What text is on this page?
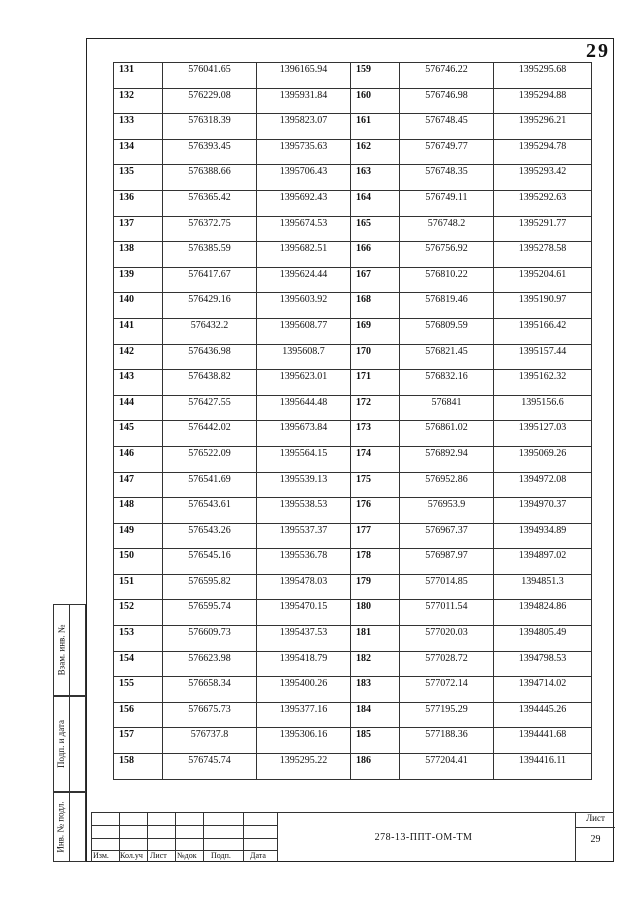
29
131	576041.65	1396165.94	159	576746.22	1395295.68
132	576229.08	1395931.84	160	576746.98	1395294.88
133	576318.39	1395823.07	161	576748.45	1395296.21
134	576393.45	1395735.63	162	576749.77	1395294.78
135	576388.66	1395706.43	163	576748.35	1395293.42
136	576365.42	1395692.43	164	576749.11	1395292.63
137	576372.75	1395674.53	165	576748.2	1395291.77
138	576385.59	1395682.51	166	576756.92	1395278.58
139	576417.67	1395624.44	167	576810.22	1395204.61
140	576429.16	1395603.92	168	576819.46	1395190.97
141	576432.2	1395608.77	169	576809.59	1395166.42
142	576436.98	1395608.7	170	576821.45	1395157.44
143	576438.82	1395623.01	171	576832.16	1395162.32
144	576427.55	1395644.48	172	576841	1395156.6
145	576442.02	1395673.84	173	576861.02	1395127.03
146	576522.09	1395564.15	174	576892.94	1395069.26
147	576541.69	1395539.13	175	576952.86	1394972.08
148	576543.61	1395538.53	176	576953.9	1394970.37
149	576543.26	1395537.37	177	576967.37	1394934.89
150	576545.16	1395536.78	178	576987.97	1394897.02
151	576595.82	1395478.03	179	577014.85	1394851.3
152	576595.74	1395470.15	180	577011.54	1394824.86
153	576609.73	1395437.53	181	577020.03	1394805.49
154	576623.98	1395418.79	182	577028.72	1394798.53
155	576658.34	1395400.26	183	577072.14	1394714.02
156	576675.73	1395377.16	184	577195.29	1394445.26
157	576737.8	1395306.16	185	577188.36	1394441.68
158	576745.74	1395295.22	186	577204.41	1394416.11
Взам. инв. №
Подп. и дата
Инв. № подл.
Изм. Кол.уч Лист №док Подп. Дата
278-13-ППТ-ОМ-ТМ
Лист
29
